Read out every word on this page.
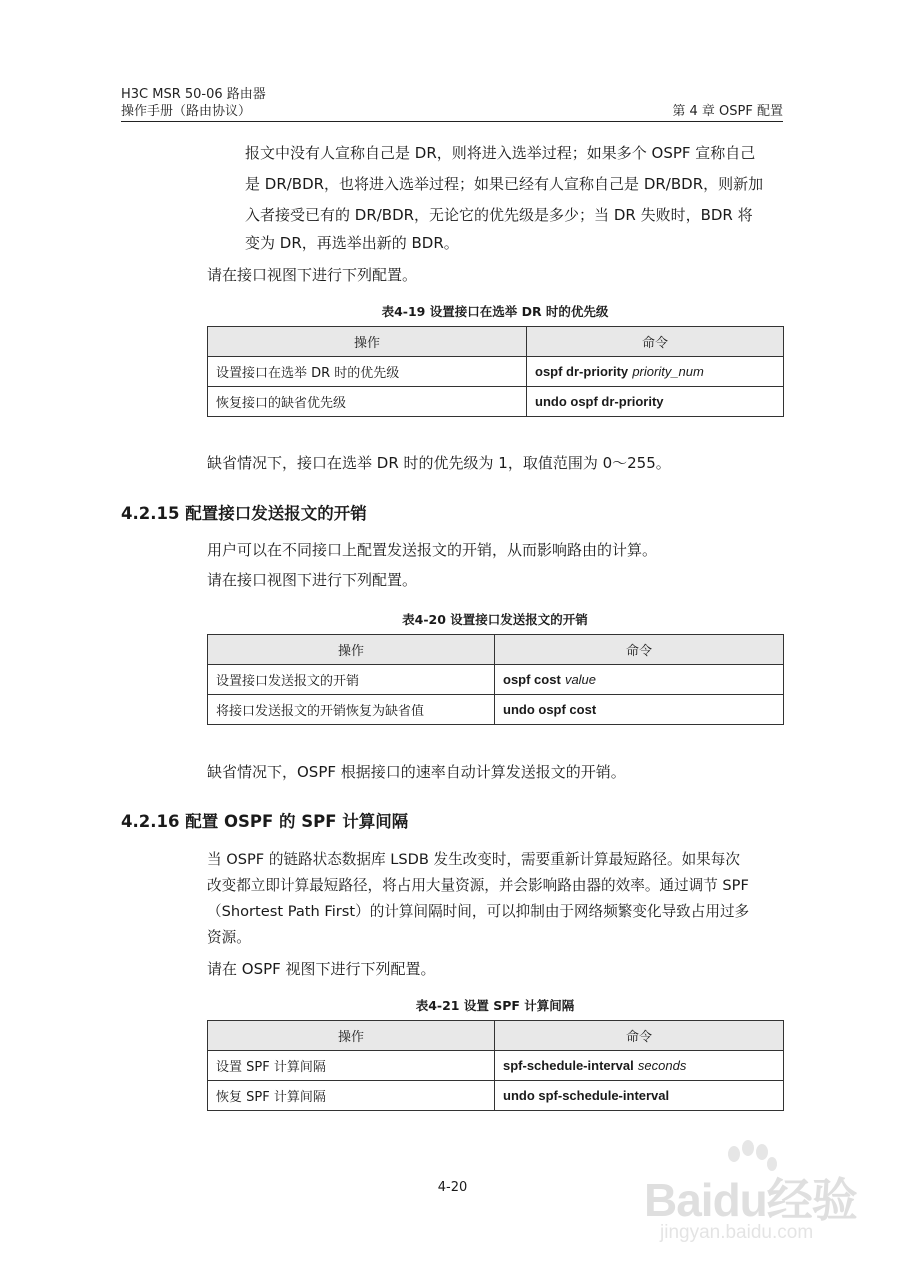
H3C MSR 50-06 路由器
操作手册（路由协议）	第 4 章 OSPF 配置
报文中没有人宣称自己是 DR，则将进入选举过程；如果多个 OSPF 宣称自己
是 DR/BDR，也将进入选举过程；如果已经有人宣称自己是 DR/BDR，则新加
入者接受已有的 DR/BDR，无论它的优先级是多少；当 DR 失败时，BDR 将
变为 DR，再选举出新的 BDR。
请在接口视图下进行下列配置。
表4-19 设置接口在选举 DR 时的优先级
操作	命令
设置接口在选举 DR 时的优先级	ospf dr-priority priority_num
恢复接口的缺省优先级	undo ospf dr-priority
缺省情况下，接口在选举 DR 时的优先级为 1，取值范围为 0～255。
4.2.15 配置接口发送报文的开销
用户可以在不同接口上配置发送报文的开销，从而影响路由的计算。
请在接口视图下进行下列配置。
表4-20 设置接口发送报文的开销
操作	命令
设置接口发送报文的开销	ospf cost value
将接口发送报文的开销恢复为缺省值	undo ospf cost
缺省情况下，OSPF 根据接口的速率自动计算发送报文的开销。
4.2.16 配置 OSPF 的 SPF 计算间隔
当 OSPF 的链路状态数据库 LSDB 发生改变时，需要重新计算最短路径。如果每次
改变都立即计算最短路径，将占用大量资源，并会影响路由器的效率。通过调节 SPF
（Shortest Path First）的计算间隔时间，可以抑制由于网络频繁变化导致占用过多
资源。
请在 OSPF 视图下进行下列配置。
表4-21 设置 SPF 计算间隔
操作	命令
设置 SPF 计算间隔	spf-schedule-interval seconds
恢复 SPF 计算间隔	undo spf-schedule-interval
4-20	Baidu经验
jingyan.baidu.com
